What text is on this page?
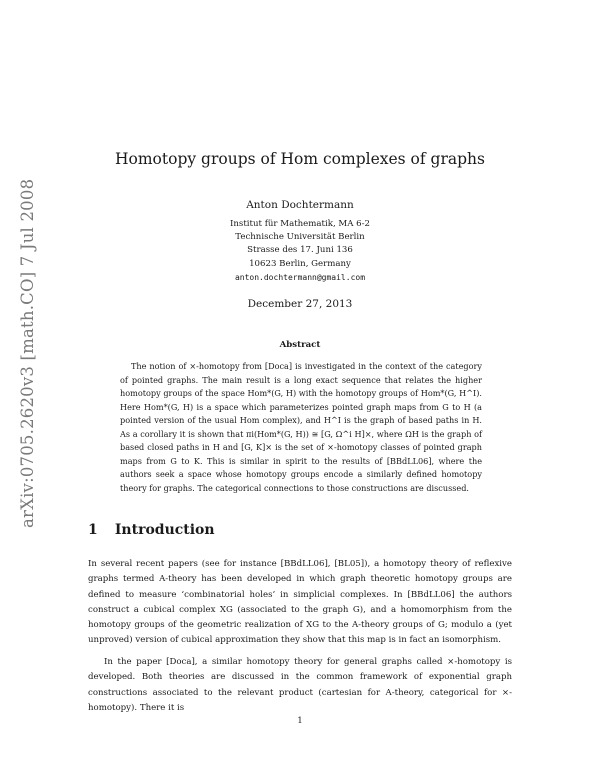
arXiv:0705.2620v3 [math.CO] 7 Jul 2008
Homotopy groups of Hom complexes of graphs
Anton Dochtermann
Institut für Mathematik, MA 6-2
Technische Universität Berlin
Strasse des 17. Juni 136
10623 Berlin, Germany
anton.dochtermann@gmail.com
December 27, 2013
Abstract
The notion of ×-homotopy from [Doca] is investigated in the context of the category of pointed graphs. The main result is a long exact sequence that relates the higher homotopy groups of the space Hom*(G, H) with the homotopy groups of Hom*(G, H^I). Here Hom*(G, H) is a space which parameterizes pointed graph maps from G to H (a pointed version of the usual Hom complex), and H^I is the graph of based paths in H. As a corollary it is shown that πi(Hom*(G, H)) ≅ [G, Ω^i H]×, where ΩH is the graph of based closed paths in H and [G, K]× is the set of ×-homotopy classes of pointed graph maps from G to K. This is similar in spirit to the results of [BBdLL06], where the authors seek a space whose homotopy groups encode a similarly defined homotopy theory for graphs. The categorical connections to those constructions are discussed.
1 Introduction
In several recent papers (see for instance [BBdLL06], [BL05]), a homotopy theory of reflexive graphs termed A-theory has been developed in which graph theoretic homotopy groups are defined to measure ‘combinatorial holes’ in simplicial complexes. In [BBdLL06] the authors construct a cubical complex XG (associated to the graph G), and a homomorphism from the homotopy groups of the geometric realization of XG to the A-theory groups of G; modulo a (yet unproved) version of cubical approximation they show that this map is in fact an isomorphism.
In the paper [Doca], a similar homotopy theory for general graphs called ×-homotopy is developed. Both theories are discussed in the common framework of exponential graph constructions associated to the relevant product (cartesian for A-theory, categorical for ×-homotopy). There it is
1
